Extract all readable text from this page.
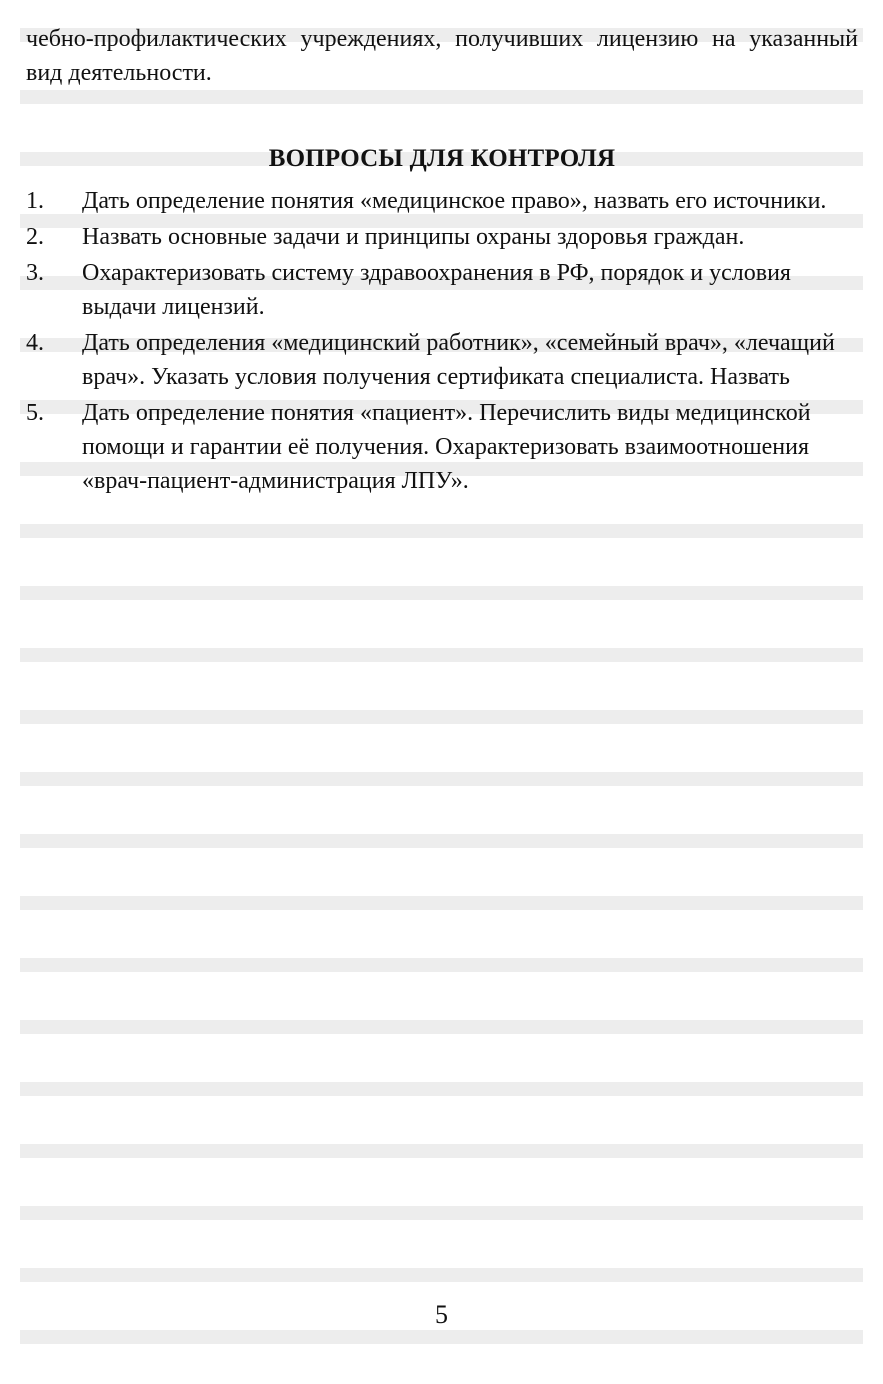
чебно-профилактических учреждениях, получивших лицензию на указанный вид деятельности.

ВОПРОСЫ ДЛЯ КОНТРОЛЯ
1. Дать определение понятия «медицинское право», назвать его источники.
2. Назвать основные задачи и принципы охраны здоровья граждан.
3. Охарактеризовать систему здравоохранения в РФ, порядок и условия выдачи лицензий.
4. Дать определения «медицинский работник», «семейный врач», «лечащий врач». Указать условия получения сертификата специалиста. Назвать
5. Дать определение понятия «пациент». Перечислить виды медицинской помощи и гарантии её получения. Охарактеризовать взаимоотношения «врач-пациент-администрация ЛПУ».
5
